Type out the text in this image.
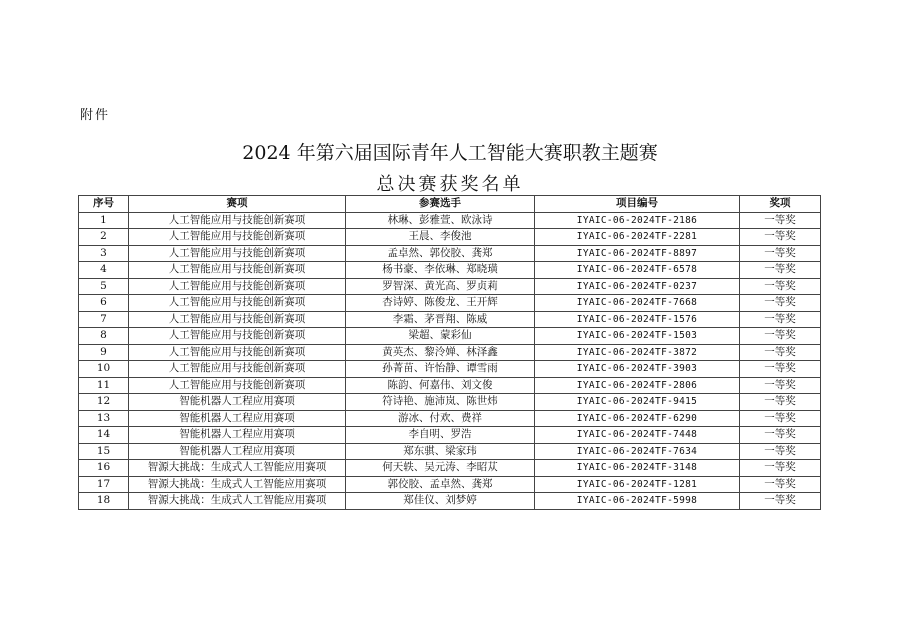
附件
2024 年第六届国际青年人工智能大赛职教主题赛
总决赛获奖名单
序号	赛项	参赛选手	项目编号	奖项
1	人工智能应用与技能创新赛项	林琳、彭雅萱、欧泳诗	IYAIC-06-2024TF-2186	一等奖
2	人工智能应用与技能创新赛项	王晨、李俊池	IYAIC-06-2024TF-2281	一等奖
3	人工智能应用与技能创新赛项	孟卓然、郭佼胶、龚郑	IYAIC-06-2024TF-8897	一等奖
4	人工智能应用与技能创新赛项	杨书豪、李依琳、郑晓璜	IYAIC-06-2024TF-6578	一等奖
5	人工智能应用与技能创新赛项	罗智深、黄光高、罗贞莉	IYAIC-06-2024TF-0237	一等奖
6	人工智能应用与技能创新赛项	杏诗婷、陈俊龙、王开辉	IYAIC-06-2024TF-7668	一等奖
7	人工智能应用与技能创新赛项	李霜、茅晋翔、陈威	IYAIC-06-2024TF-1576	一等奖
8	人工智能应用与技能创新赛项	梁超、蒙彩仙	IYAIC-06-2024TF-1503	一等奖
9	人工智能应用与技能创新赛项	黄英杰、黎泠婵、林泽鑫	IYAIC-06-2024TF-3872	一等奖
10	人工智能应用与技能创新赛项	孙菁苗、许怡静、谭雪雨	IYAIC-06-2024TF-3903	一等奖
11	人工智能应用与技能创新赛项	陈韵、何嘉伟、刘文俊	IYAIC-06-2024TF-2806	一等奖
12	智能机器人工程应用赛项	符诗艳、施沛岚、陈世炜	IYAIC-06-2024TF-9415	一等奖
13	智能机器人工程应用赛项	游冰、付欢、费祥	IYAIC-06-2024TF-6290	一等奖
14	智能机器人工程应用赛项	李自明、罗浩	IYAIC-06-2024TF-7448	一等奖
15	智能机器人工程应用赛项	郑东骐、梁家玮	IYAIC-06-2024TF-7634	一等奖
16	智源大挑战：生成式人工智能应用赛项	何天轶、吴元涛、李昭苁	IYAIC-06-2024TF-3148	一等奖
17	智源大挑战：生成式人工智能应用赛项	郭佼胶、孟卓然、龚郑	IYAIC-06-2024TF-1281	一等奖
18	智源大挑战：生成式人工智能应用赛项	郑佳仪、刘梦婷	IYAIC-06-2024TF-5998	一等奖
